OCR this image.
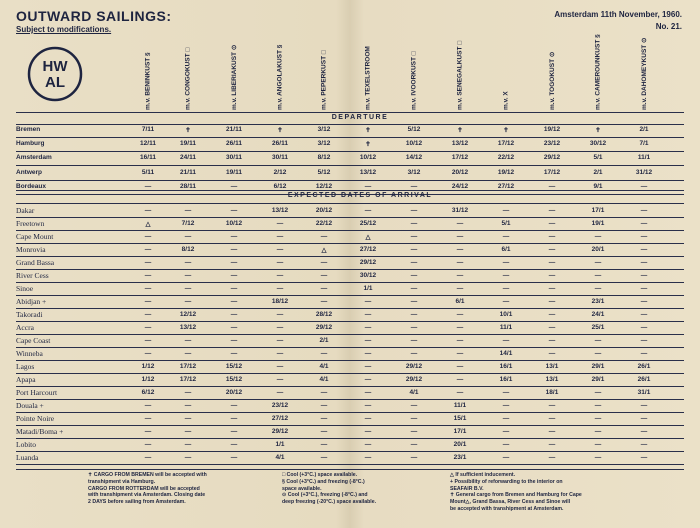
OUTWARD SAILINGS:
Subject to modifications.
Amsterdam 11th November, 1960.
No. 21.
HW
AL	m.v. BENINKUST §	m.v. CONGOKUST □	m.v. LIBERIAKUST ⊙	m.v. ANGOLAKUST §	m.v. PEPERKUST □	m.v. TEXELSTROOM	m.v. IVOORKUST □	m.v. SENEGALKUST □	m.v. X	m.v. TOGOKUST ⊙	m.v. CAMEROUNKUST §	m.v. DAHOMEYKUST ⊙
DEPARTURE
Bremen	7/11	✝	21/11	✝	3/12	✝	5/12	✝	✝	19/12	✝	2/1
Hamburg	12/11	19/11	26/11	26/11	3/12	✝	10/12	13/12	17/12	23/12	30/12	7/1
Amsterdam	16/11	24/11	30/11	30/11	8/12	10/12	14/12	17/12	22/12	29/12	5/1	11/1
Antwerp	5/11	21/11	19/11	2/12	5/12	13/12	3/12	20/12	19/12	17/12	2/1	31/12
Bordeaux	—	28/11	—	6/12	12/12	—	—	24/12	27/12	—	9/1	—
EXPECTED DATES OF ARRIVAL
Dakar	—	—	—	13/12	20/12	—	—	31/12	—	—	17/1	—
Freetown	△	7/12	10/12	—	22/12	25/12	—	—	5/1	—	19/1	—
Cape Mount	—	—	—	—	—	△	—	—	—	—	—	—
Monrovia	—	8/12	—	—	△	27/12	—	—	6/1	—	20/1	—
Grand Bassa	—	—	—	—	—	29/12	—	—	—	—	—	—
River Cess	—	—	—	—	—	30/12	—	—	—	—	—	—
Sinoe	—	—	—	—	—	1/1	—	—	—	—	—	—
Abidjan +	—	—	—	18/12	—	—	—	6/1	—	—	23/1	—
Takoradi	—	12/12	—	—	28/12	—	—	—	10/1	—	24/1	—
Accra	—	13/12	—	—	29/12	—	—	—	11/1	—	25/1	—
Cape Coast	—	—	—	—	2/1	—	—	—	—	—	—	—
Winneba	—	—	—	—	—	—	—	—	14/1	—	—	—
Lagos	1/12	17/12	15/12	—	4/1	—	29/12	—	16/1	13/1	29/1	26/1
Apapa	1/12	17/12	15/12	—	4/1	—	29/12	—	16/1	13/1	29/1	26/1
Port Harcourt	6/12	—	20/12	—	—	—	4/1	—	—	18/1	—	31/1
Douala +	—	—	—	23/12	—	—	—	11/1	—	—	—	—
Pointe Noire	—	—	—	27/12	—	—	—	15/1	—	—	—	—
Matadi/Boma +	—	—	—	29/12	—	—	—	17/1	—	—	—	—
Lobito	—	—	—	1/1	—	—	—	20/1	—	—	—	—
Luanda	—	—	—	4/1	—	—	—	23/1	—	—	—	—
✝ CARGO FROM BREMEN will be accepted with
transhipment via Hamburg.
CARGO FROM ROTTERDAM will be accepted
with transhipment via Amsterdam. Closing date
2 DAYS before sailing from Amsterdam.
□ Cool (+3°C.) space available.
§ Cool (+3°C.) and freezing (-8°C.)
space available.
⊙ Cool (+3°C.), freezing (-8°C.) and
deep freezing (-20°C.) space available.
△ If sufficient inducement.
+ Possibility of reforwarding to the interior on
SEAFAIR B.V.
✝ General cargo from Bremen and Hamburg for Cape
Mount△, Grand Bassa, River Cess and Sinoe will
be accepted with transhipment at Amsterdam.
